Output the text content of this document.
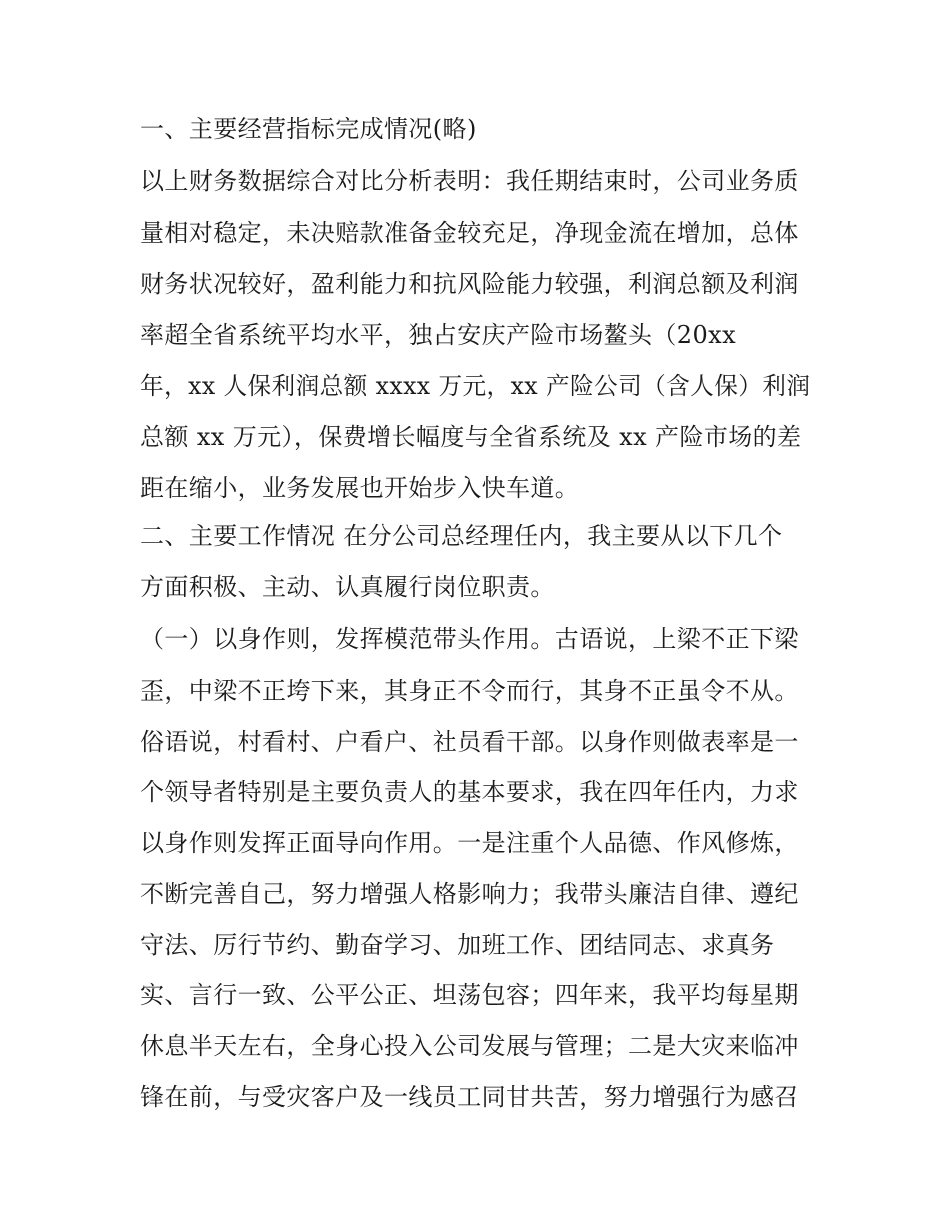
一、主要经营指标完成情况(略)
以上财务数据综合对比分析表明：我任期结束时，公司业务质
量相对稳定，未决赔款准备金较充足，净现金流在增加，总体
财务状况较好，盈利能力和抗风险能力较强，利润总额及利润
率超全省系统平均水平，独占安庆产险市场鳌头（20xx
年，xx 人保利润总额 xxxx 万元，xx 产险公司（含人保）利润
总额 xx 万元），保费增长幅度与全省系统及 xx 产险市场的差
距在缩小，业务发展也开始步入快车道。
二、主要工作情况 在分公司总经理任内，我主要从以下几个
方面积极、主动、认真履行岗位职责。
（一）以身作则，发挥模范带头作用。古语说，上梁不正下梁
歪，中梁不正垮下来，其身正不令而行，其身不正虽令不从。
俗语说，村看村、户看户、社员看干部。以身作则做表率是一
个领导者特别是主要负责人的基本要求，我在四年任内，力求
以身作则发挥正面导向作用。一是注重个人品德、作风修炼，
不断完善自己，努力增强人格影响力；我带头廉洁自律、遵纪
守法、厉行节约、勤奋学习、加班工作、团结同志、求真务
实、言行一致、公平公正、坦荡包容；四年来，我平均每星期
休息半天左右，全身心投入公司发展与管理；二是大灾来临冲
锋在前，与受灾客户及一线员工同甘共苦，努力增强行为感召
